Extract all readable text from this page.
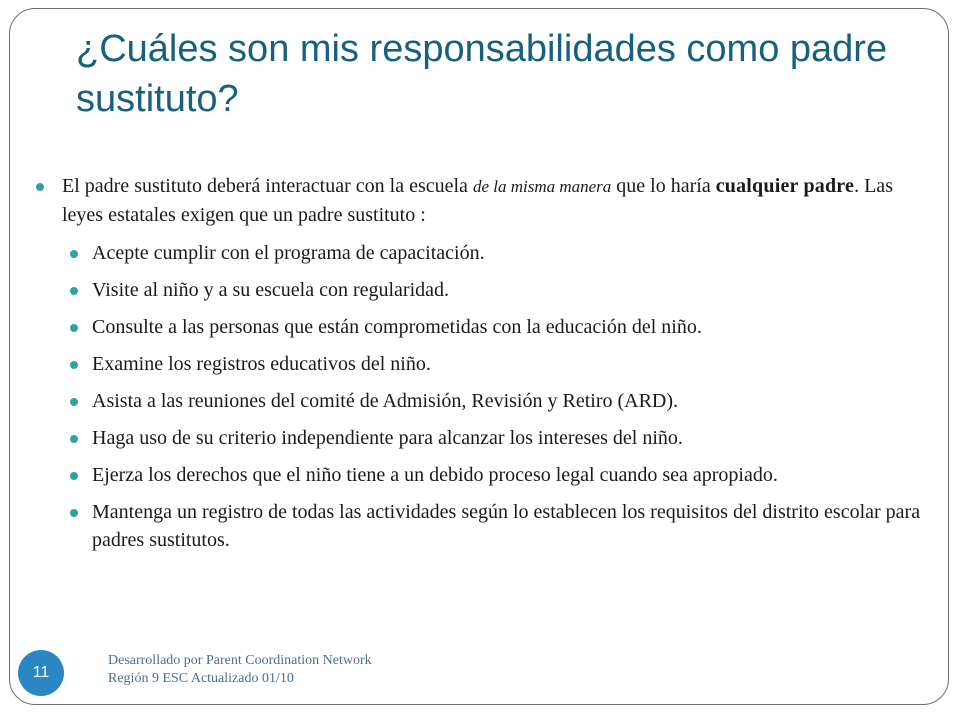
¿Cuáles son mis responsabilidades como padre sustituto?
El padre sustituto deberá interactuar con la escuela de la misma manera que lo haría cualquier padre. Las leyes estatales exigen que un padre sustituto :
Acepte cumplir con el programa de capacitación.
Visite al niño y a su escuela con regularidad.
Consulte a las personas que están comprometidas con la educación del niño.
Examine los registros educativos del niño.
Asista a las reuniones del comité de Admisión, Revisión y Retiro (ARD).
Haga uso de su criterio independiente para alcanzar los intereses del niño.
Ejerza los derechos que el niño tiene a un debido proceso legal cuando sea apropiado.
Mantenga un registro de todas las actividades según lo establecen los requisitos del distrito escolar para padres sustitutos.
11
Desarrollado por Parent Coordination Network
Región 9 ESC Actualizado 01/10
